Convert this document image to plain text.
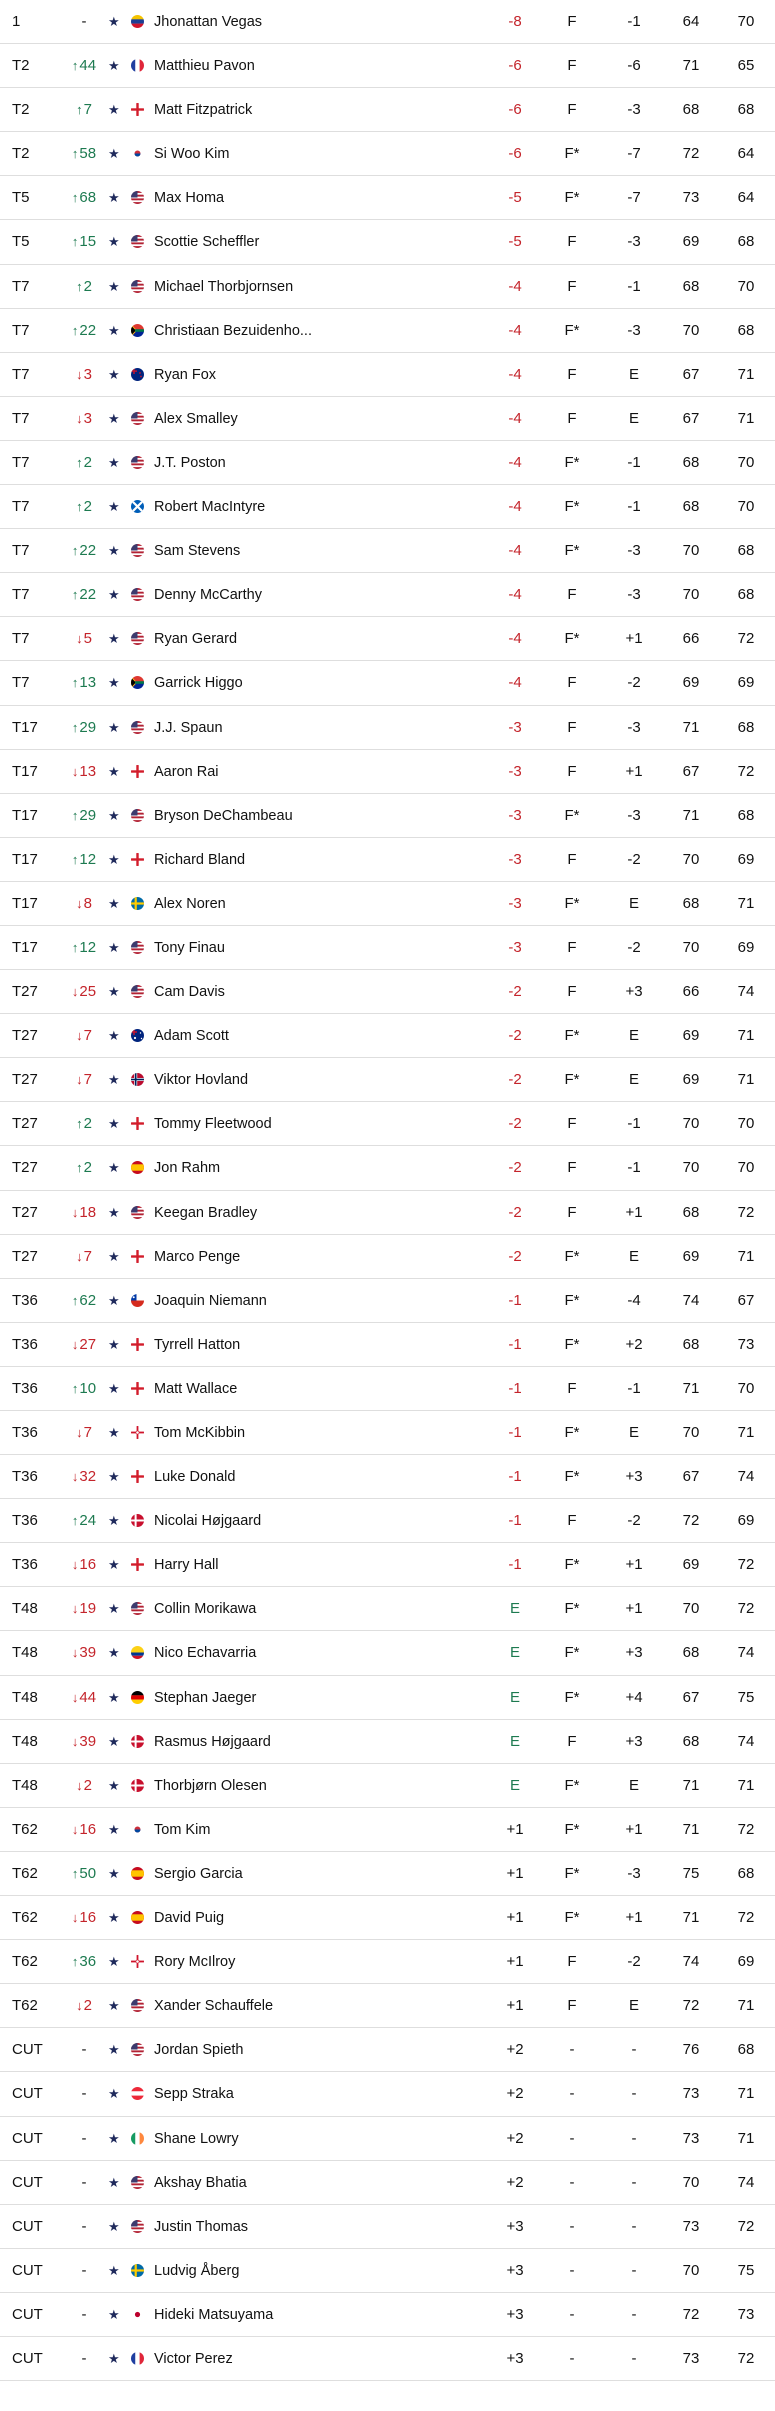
1	-	★ Jhonattan Vegas	-8	F	-1	64	70
T2	↑44 ★ Matthieu Pavon	-6	F	-6	71	65
T2	↑7	★ Matt Fitzpatrick	-6	F	-3	68	68
T2	↑58 ★ Si Woo Kim	-6	F*	-7	72	64
T5	↑68 ★ Max Homa	-5	F*	-7	73	64
T5	↑15 ★ Scottie Scheffler	-5	F	-3	69	68
T7	↑2	★ Michael Thorbjornsen	-4	F	-1	68	70
T7	↑22 ★ Christiaan Bezuidenho...	-4	F*	-3	70	68
T7	↓3	★ Ryan Fox	-4	F	E	67	71
T7	↓3	★ Alex Smalley	-4	F	E	67	71
T7	↑2	★ J.T. Poston	-4	F*	-1	68	70
T7	↑2	★ Robert MacIntyre	-4	F*	-1	68	70
T7	↑22 ★ Sam Stevens	-4	F*	-3	70	68
T7	↑22 ★ Denny McCarthy	-4	F	-3	70	68
T7	↓5	★ Ryan Gerard	-4	F*	+1	66	72
T7	↑13 ★ Garrick Higgo	-4	F	-2	69	69
T17	↑29 ★ J.J. Spaun	-3	F	-3	71	68
T17	↓13 ★ Aaron Rai	-3	F	+1	67	72
T17	↑29 ★ Bryson DeChambeau	-3	F*	-3	71	68
T17	↑12 ★ Richard Bland	-3	F	-2	70	69
T17	↓8	★ Alex Noren	-3	F*	E	68	71
T17	↑12 ★ Tony Finau	-3	F	-2	70	69
T27	↓25 ★ Cam Davis	-2	F	+3	66	74
T27	↓7	★ Adam Scott	-2	F*	E	69	71
T27	↓7	★ Viktor Hovland	-2	F*	E	69	71
T27	↑2	★ Tommy Fleetwood	-2	F	-1	70	70
T27	↑2	★ Jon Rahm	-2	F	-1	70	70
T27	↓18 ★ Keegan Bradley	-2	F	+1	68	72
T27	↓7	★ Marco Penge	-2	F*	E	69	71
T36	↑62 ★ Joaquin Niemann	-1	F*	-4	74	67
T36	↓27 ★ Tyrrell Hatton	-1	F*	+2	68	73
T36	↑10 ★ Matt Wallace	-1	F	-1	71	70
T36	↓7	★ Tom McKibbin	-1	F*	E	70	71
T36	↓32 ★ Luke Donald	-1	F*	+3	67	74
T36	↑24 ★ Nicolai Højgaard	-1	F	-2	72	69
T36	↓16 ★ Harry Hall	-1	F*	+1	69	72
T48	↓19 ★ Collin Morikawa	E	F*	+1	70	72
T48	↓39 ★ Nico Echavarria	E	F*	+3	68	74
T48	↓44 ★ Stephan Jaeger	E	F*	+4	67	75
T48	↓39 ★ Rasmus Højgaard	E	F	+3	68	74
T48	↓2	★ Thorbjørn Olesen	E	F*	E	71	71
T62	↓16 ★ Tom Kim	+1	F*	+1	71	72
T62	↑50 ★ Sergio Garcia	+1	F*	-3	75	68
T62	↓16 ★ David Puig	+1	F*	+1	71	72
T62	↑36 ★ Rory McIlroy	+1	F	-2	74	69
T62	↓2	★ Xander Schauffele	+1	F	E	72	71
CUT	-	★ Jordan Spieth	+2	-	-	76	68
CUT	-	★ Sepp Straka	+2	-	-	73	71
CUT	-	★ Shane Lowry	+2	-	-	73	71
CUT	-	★ Akshay Bhatia	+2	-	-	70	74
CUT	-	★ Justin Thomas	+3	-	-	73	72
CUT	-	★ Ludvig Åberg	+3	-	-	70	75
CUT	-	★ Hideki Matsuyama	+3	-	-	72	73
CUT	-	★ Victor Perez	+3	-	-	73	72
